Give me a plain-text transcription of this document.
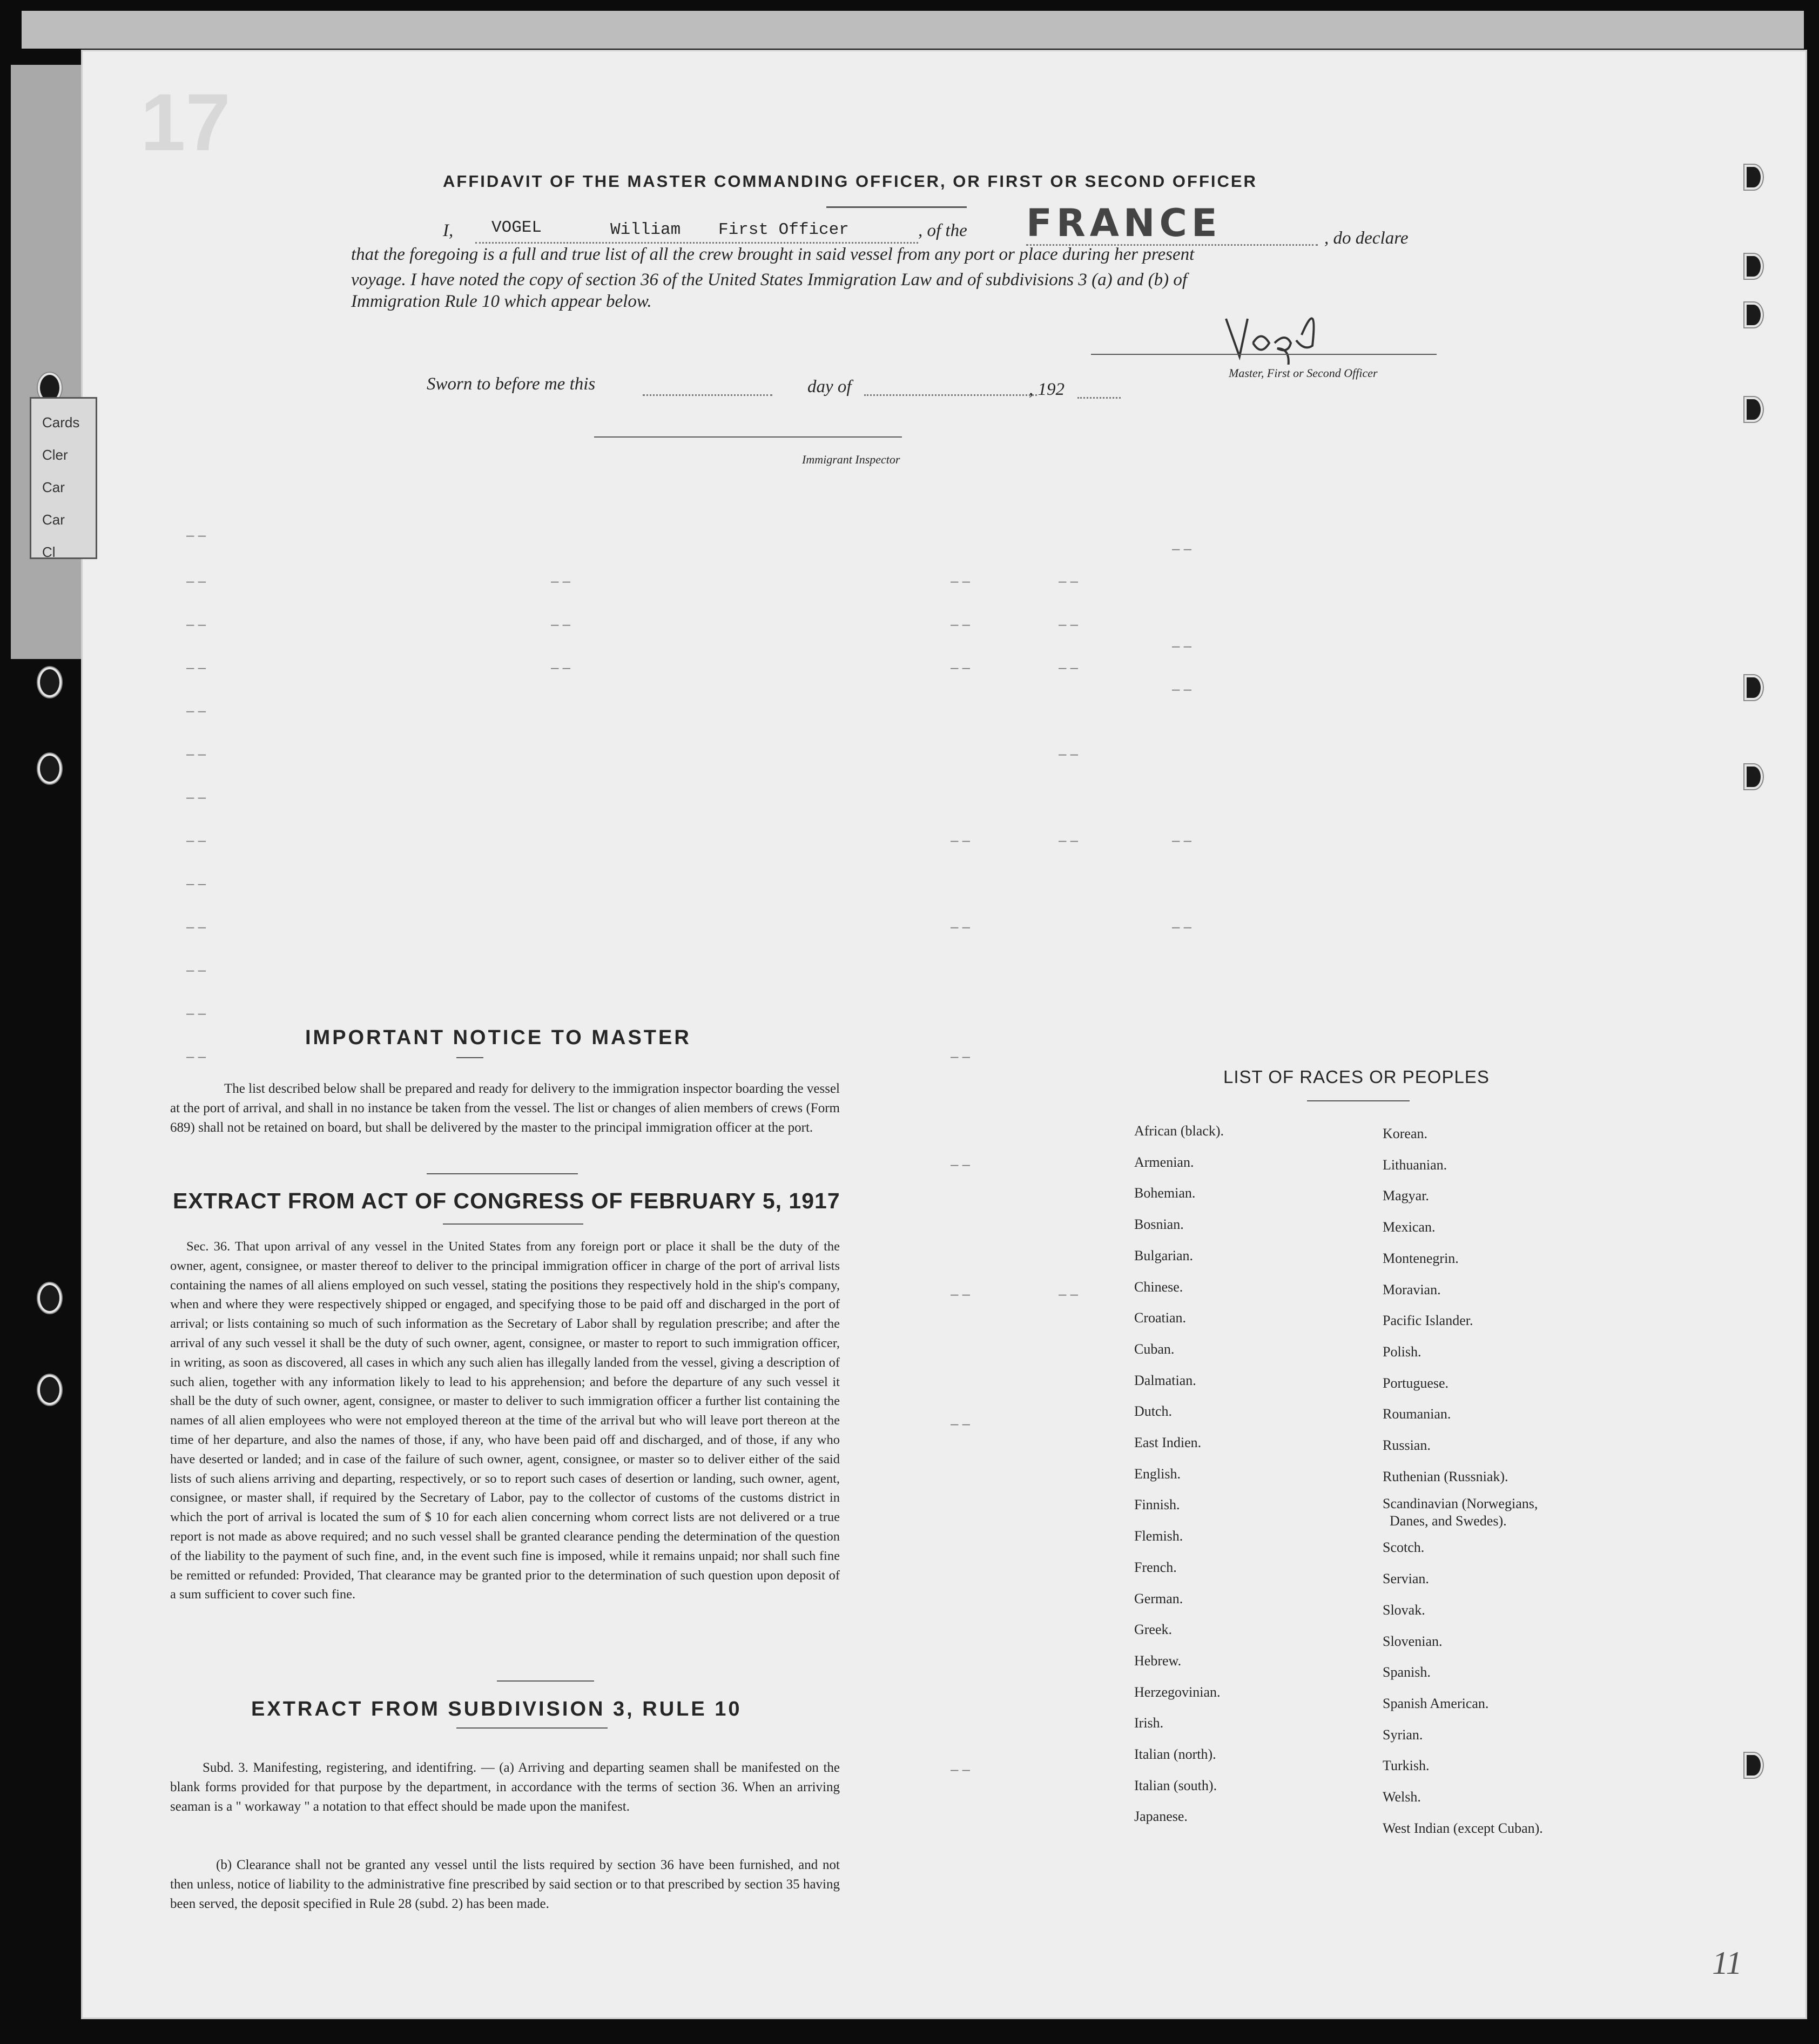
Cards
Cler
Car
Car
Cl
17
AFFIDAVIT OF THE MASTER COMMANDING OFFICER, OR FIRST OR SECOND OFFICER
I, VOGEL	William First Officer	, of the FRANCE	, do declare
that the foregoing is a full and true list of all the crew brought in said vessel from any port or place during her present
voyage. I have noted the copy of section 36 of the United States Immigration Law and of subdivisions 3 (a) and (b) of
Immigration Rule 10 which appear below.
Master, First or Second Officer
Sworn to before me this	day of	, 192
Immigrant Inspector
– –
– –
– –
– –
– –
– –
– –
– –
– –
– –
– –
– –
– –
– –
– –
– –
– –
– –
– –
– –
– –
– –
– –
– –
– –
– –
– –
– –
– –
– –
– –
– –
– –
– –
– –
– –
– –
IMPORTANT NOTICE TO MASTER
The list described below shall be prepared and ready for delivery to the immigration inspector boarding the vessel at the port of arrival, and shall in no instance be taken from the vessel. The list or changes of alien members of crews (Form 689) shall not be retained on board, but shall be delivered by the master to the principal immigration officer at the port.
EXTRACT FROM ACT OF CONGRESS OF FEBRUARY 5, 1917
Sec. 36. That upon arrival of any vessel in the United States from any foreign port or place it shall be the duty of the owner, agent, consignee, or master thereof to deliver to the principal immigration officer in charge of the port of arrival lists containing the names of all aliens employed on such vessel, stating the positions they respectively hold in the ship's company, when and where they were respectively shipped or engaged, and specifying those to be paid off and discharged in the port of arrival; or lists containing so much of such information as the Secretary of Labor shall by regulation prescribe; and after the arrival of any such vessel it shall be the duty of such owner, agent, consignee, or master to report to such immigration officer, in writing, as soon as discovered, all cases in which any such alien has illegally landed from the vessel, giving a description of such alien, together with any information likely to lead to his apprehension; and before the departure of any such vessel it shall be the duty of such owner, agent, consignee, or master to deliver to such immigration officer a further list containing the names of all alien employees who were not employed thereon at the time of the arrival but who will leave port thereon at the time of her departure, and also the names of those, if any, who have been paid off and discharged, and of those, if any who have deserted or landed; and in case of the failure of such owner, agent, consignee, or master so to deliver either of the said lists of such aliens arriving and departing, respectively, or so to report such cases of desertion or landing, such owner, agent, consignee, or master shall, if required by the Secretary of Labor, pay to the collector of customs of the customs district in which the port of arrival is located the sum of $ 10 for each alien concerning whom correct lists are not delivered or a true report is not made as above required; and no such vessel shall be granted clearance pending the determination of the question of the liability to the payment of such fine, and, in the event such fine is imposed, while it remains unpaid; nor shall such fine be remitted or refunded: Provided, That clearance may be granted prior to the determination of such question upon deposit of a sum sufficient to cover such fine.
EXTRACT FROM SUBDIVISION 3, RULE 10
Subd. 3. Manifesting, registering, and identifring. — (a) Arriving and departing seamen shall be manifested on the blank forms provided for that purpose by the department, in accordance with the terms of section 36. When an arriving seaman is a " workaway " a notation to that effect should be made upon the manifest.
(b) Clearance shall not be granted any vessel until the lists required by section 36 have been furnished, and not then unless, notice of liability to the administrative fine prescribed by said section or to that prescribed by section 35 having been served, the deposit specified in Rule 28 (subd. 2) has been made.
LIST OF RACES OR PEOPLES
African (black).
Armenian.
Bohemian.
Bosnian.
Bulgarian.
Chinese.
Croatian.
Cuban.
Dalmatian.
Dutch.
East Indien.
English.
Finnish.
Flemish.
French.
German.
Greek.
Hebrew.
Herzegovinian.
Irish.
Italian (north).
Italian (south).
Japanese.
Korean.
Lithuanian.
Magyar.
Mexican.
Montenegrin.
Moravian.
Pacific Islander.
Polish.
Portuguese.
Roumanian.
Russian.
Ruthenian (Russniak).
Scandinavian (Norwegians,
Danes, and Swedes).
Scotch.
Servian.
Slovak.
Slovenian.
Spanish.
Spanish American.
Syrian.
Turkish.
Welsh.
West Indian (except Cuban).
11
